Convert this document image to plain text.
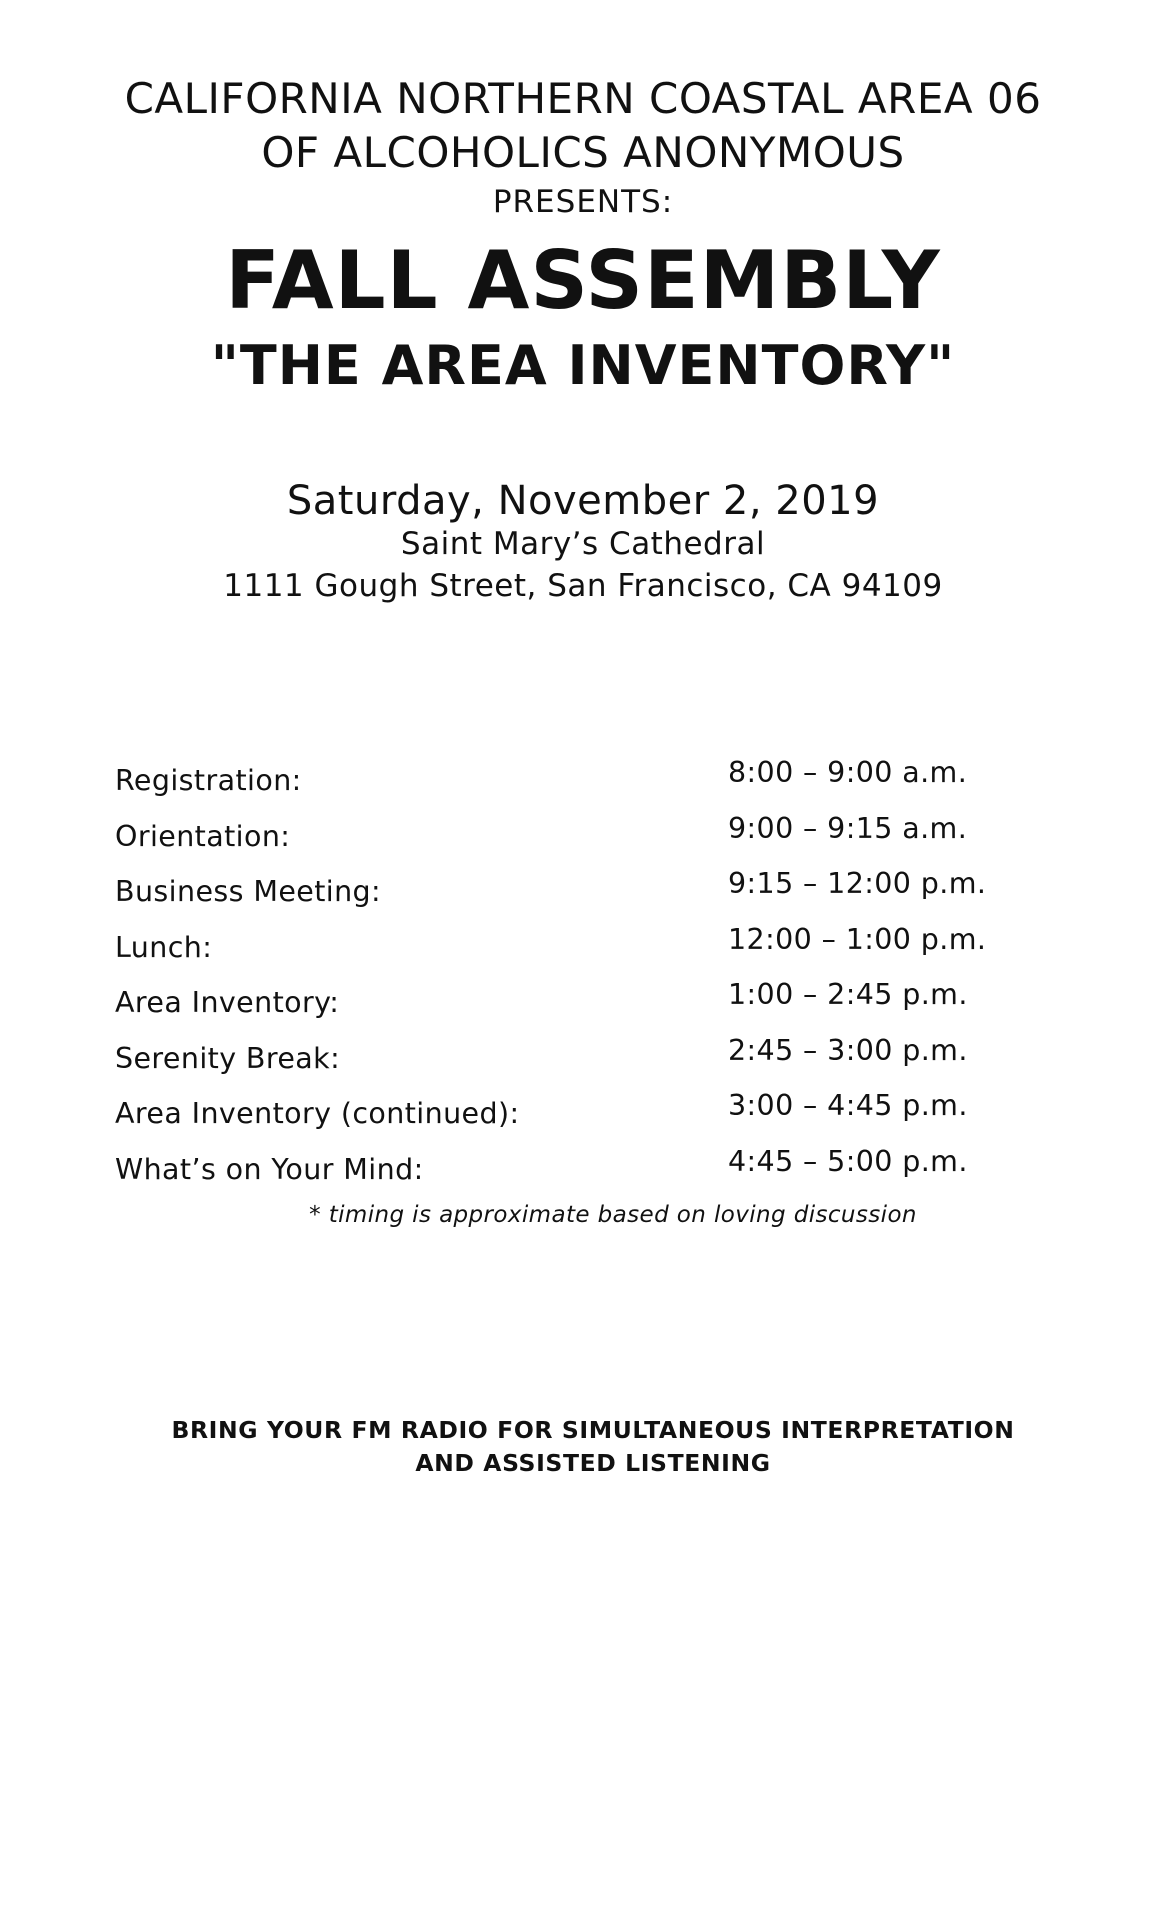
CALIFORNIA NORTHERN COASTAL AREA 06
OF ALCOHOLICS ANONYMOUS
PRESENTS:
FALL ASSEMBLY
"THE AREA INVENTORY"
Saturday, November 2, 2019
Saint Mary’s Cathedral
1111 Gough Street, San Francisco, CA 94109
Registration:	8:00 – 9:00 a.m.
Orientation:	9:00 – 9:15 a.m.
Business Meeting:	9:15 – 12:00 p.m.
Lunch:	12:00 – 1:00 p.m.
Area Inventory:	1:00 – 2:45 p.m.
Serenity Break:	2:45 – 3:00 p.m.
Area Inventory (continued):	3:00 – 4:45 p.m.
What’s on Your Mind:	4:45 – 5:00 p.m.
* timing is approximate based on loving discussion
BRING YOUR FM RADIO FOR SIMULTANEOUS INTERPRETATION
AND ASSISTED LISTENING
